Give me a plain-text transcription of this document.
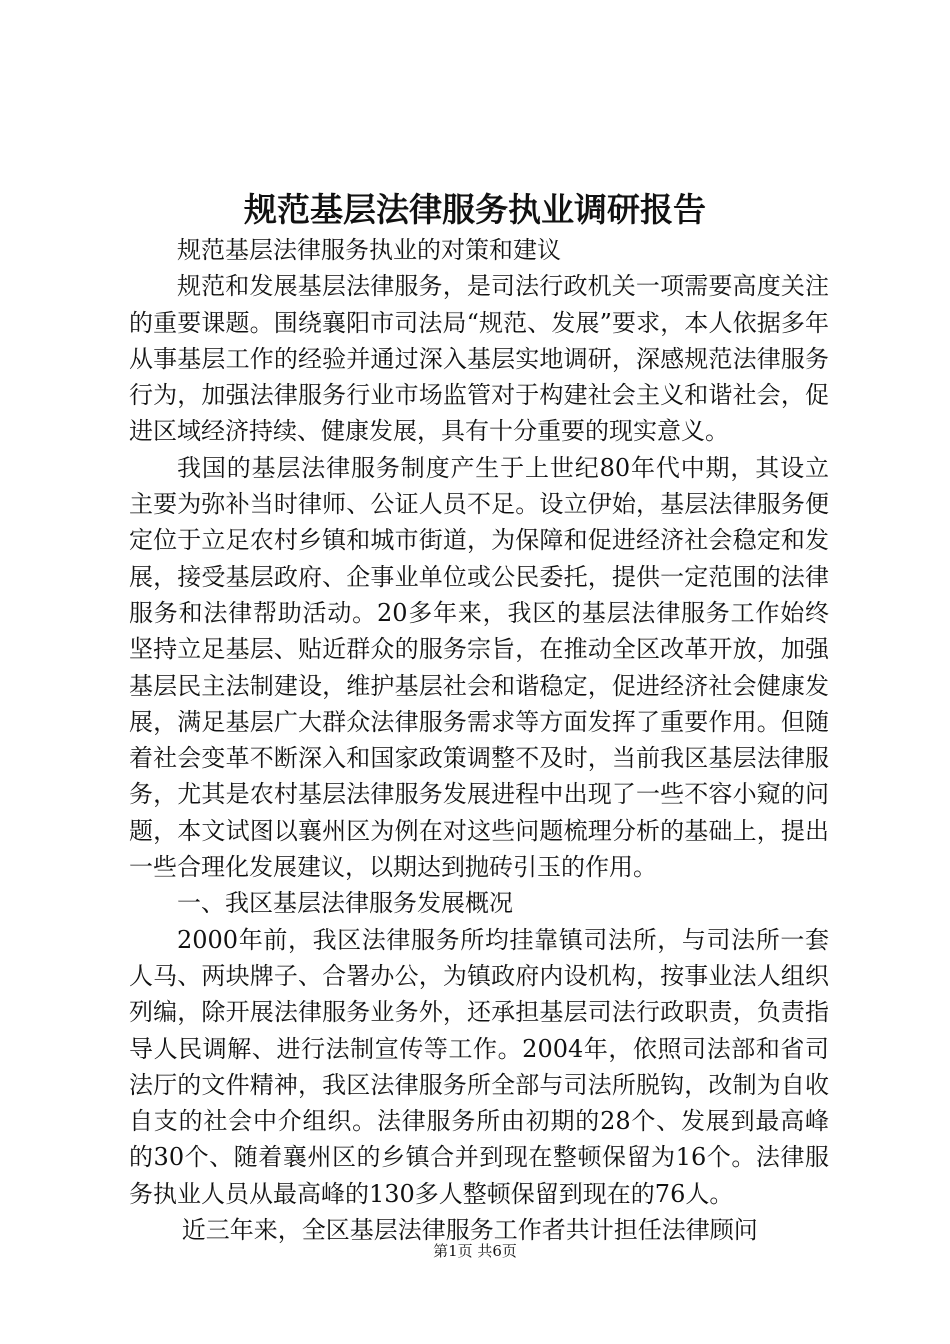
规范基层法律服务执业调研报告

规范基层法律服务执业的对策和建议

规范和发展基层法律服务，是司法行政机关一项需要高度关注的重要课题。围绕襄阳市司法局“规范、发展”要求，本人依据多年从事基层工作的经验并通过深入基层实地调研，深感规范法律服务行为，加强法律服务行业市场监管对于构建社会主义和谐社会，促进区域经济持续、健康发展，具有十分重要的现实意义。

我国的基层法律服务制度产生于上世纪80年代中期，其设立主要为弥补当时律师、公证人员不足。设立伊始，基层法律服务便定位于立足农村乡镇和城市街道，为保障和促进经济社会稳定和发展，接受基层政府、企事业单位或公民委托，提供一定范围的法律服务和法律帮助活动。20多年来，我区的基层法律服务工作始终坚持立足基层、贴近群众的服务宗旨，在推动全区改革开放，加强基层民主法制建设，维护基层社会和谐稳定，促进经济社会健康发展，满足基层广大群众法律服务需求等方面发挥了重要作用。但随着社会变革不断深入和国家政策调整不及时，当前我区基层法律服务，尤其是农村基层法律服务发展进程中出现了一些不容小窥的问题，本文试图以襄州区为例在对这些问题梳理分析的基础上，提出一些合理化发展建议，以期达到抛砖引玉的作用。

一、我区基层法律服务发展概况

2000年前，我区法律服务所均挂靠镇司法所，与司法所一套人马、两块牌子、合署办公，为镇政府内设机构，按事业法人组织列编，除开展法律服务业务外，还承担基层司法行政职责，负责指导人民调解、进行法制宣传等工作。2004年，依照司法部和省司法厅的文件精神，我区法律服务所全部与司法所脱钩，改制为自收自支的社会中介组织。法律服务所由初期的28个、发展到最高峰的30个、随着襄州区的乡镇合并到现在整顿保留为16个。法律服务执业人员从最高峰的130多人整顿保留到现在的76人。

近三年来，全区基层法律服务工作者共计担任法律顾问

第1页 共6页
